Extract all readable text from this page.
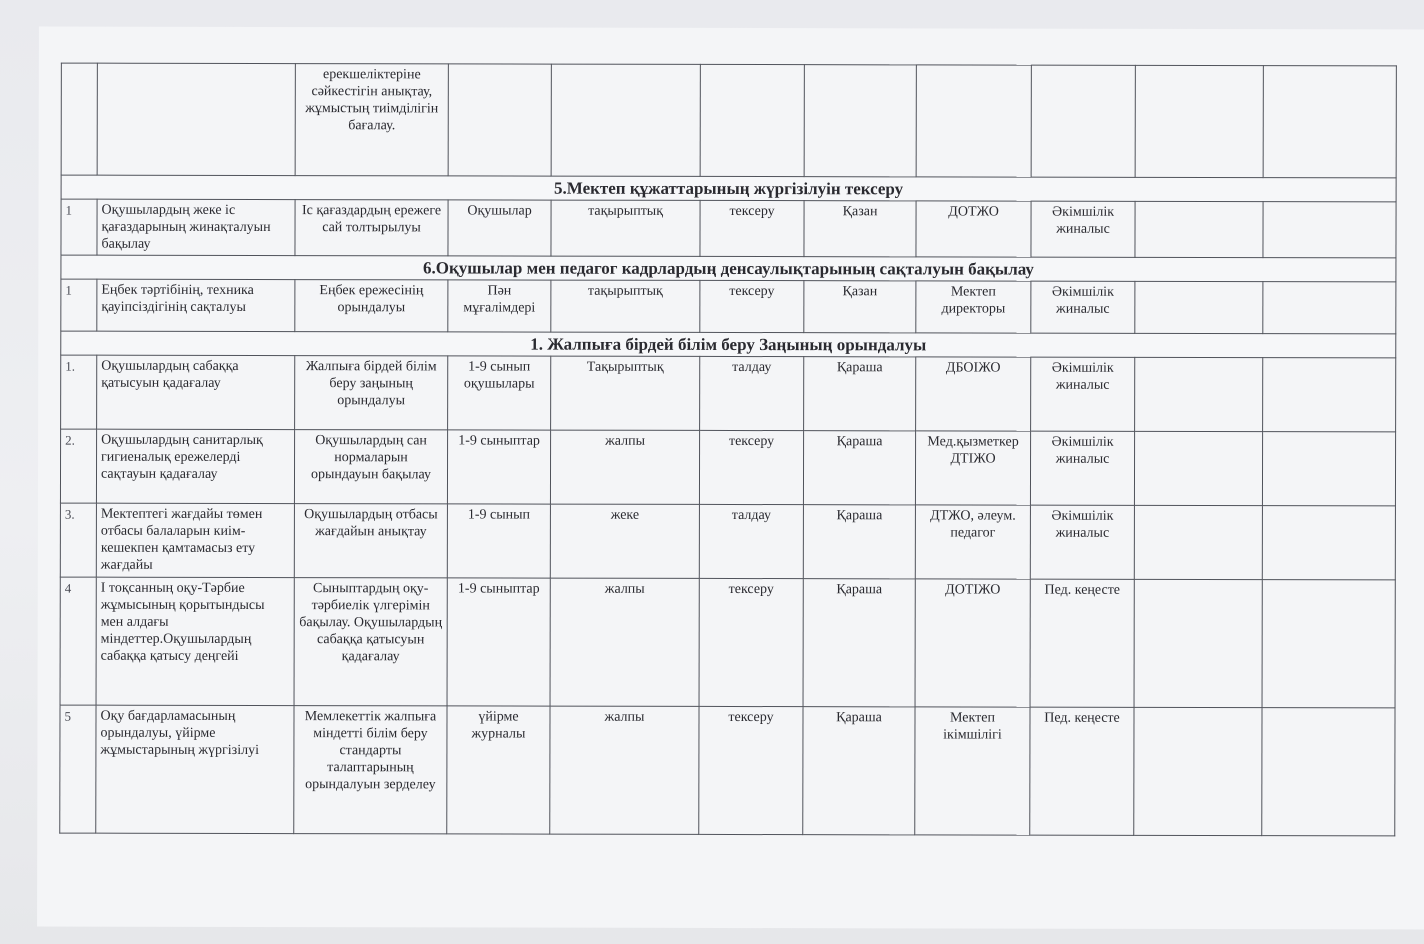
		ерекшеліктеріне сәйкестігін анықтау, жұмыстың тиімділігін бағалау.								
5.Мектеп құжаттарының жүргізілуін тексеру										
1	Оқушылардың жеке іс қағаздарының жинақталуын бақылау	Іс қағаздардың ережеге сай толтырылуы	Оқушылар	тақырыптық	тексеру	Қазан	ДОТЖО	Әкімшілік жиналыс		
6.Оқушылар мен педагог кадрлардың денсаулықтарының сақталуын бақылау										
1	Еңбек тәртібінің, техника қауіпсіздігінің сақталуы	Еңбек ережесінің орындалуы	Пән мұғалімдері	тақырыптық	тексеру	Қазан	Мектеп директоры	Әкімшілік жиналыс		
1. Жалпыға бірдей білім беру Заңының орындалуы										
1.	Оқушылардың сабаққа қатысуын қадағалау	Жалпыға бірдей білім беру заңының орындалуы	1-9 сынып оқушылары	Тақырыптық	талдау	Қараша	ДБОІЖО	Әкімшілік жиналыс		
2.	Оқушылардың санитарлық гигиеналық ережелерді сақтауын қадағалау	Оқушылардың сан нормаларын орындауын бақылау	1-9 сыныптар	жалпы	тексеру	Қараша	Мед.қызметкер ДТІЖО	Әкімшілік жиналыс		
3.	Мектептегі жағдайы төмен отбасы балаларын киім-кешекпен қамтамасыз ету жағдайы	Оқушылардың отбасы жағдайын анықтау	1-9 сынып	жеке	талдау	Қараша	ДТЖО, әлеум. педагог	Әкімшілік жиналыс		
4	І тоқсанның оқу-Тәрбие жұмысының қорытындысы мен алдағы міндеттер.Оқушылардың сабаққа қатысу деңгейі	Сыныптардың оқу-тәрбиелік үлгерімін бақылау. Оқушылардың сабаққа қатысуын қадағалау	1-9 сыныптар	жалпы	тексеру	Қараша	ДОТІЖО	Пед. кеңесте		
5	Оқу бағдарламасының орындалуы, үйірме жұмыстарының жүргізілуі	Мемлекеттік жалпыға міндетті білім беру стандарты талаптарының орындалуын зерделеу	үйірме журналы	жалпы	тексеру	Қараша	Мектеп ікімшілігі	Пед. кеңесте		
